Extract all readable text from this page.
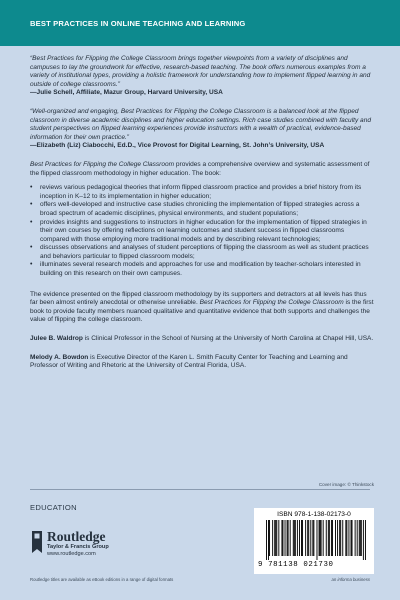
BEST PRACTICES IN ONLINE TEACHING AND LEARNING

“Best Practices for Flipping the College Classroom brings together viewpoints from a variety of disciplines and campuses to lay the groundwork for effective, research-based teaching. The book offers numerous examples from a variety of institutional types, providing a holistic framework for understanding how to implement flipped learning in and outside of college classrooms.”
—Julie Schell, Affiliate, Mazur Group, Harvard University, USA

“Well-organized and engaging, Best Practices for Flipping the College Classroom is a balanced look at the flipped classroom in diverse academic disciplines and higher education settings. Rich case studies combined with faculty and student perspectives on flipped learning experiences provide instructors with a wealth of practical, evidence-based information for their own practice.”
—Elizabeth (Liz) Ciabocchi, Ed.D., Vice Provost for Digital Learning, St. John’s University, USA

Best Practices for Flipping the College Classroom provides a comprehensive overview and systematic assessment of the flipped classroom methodology in higher education. The book:

• reviews various pedagogical theories that inform flipped classroom practice and provides a brief history from its inception in K–12 to its implementation in higher education;
• offers well-developed and instructive case studies chronicling the implementation of flipped strategies across a broad spectrum of academic disciplines, physical environments, and student populations;
• provides insights and suggestions to instructors in higher education for the implementation of flipped strategies in their own courses by offering reflections on learning outcomes and student success in flipped classrooms compared with those employing more traditional models and by describing relevant technologies;
• discusses observations and analyses of student perceptions of flipping the classroom as well as student practices and behaviors particular to flipped classroom models;
• illuminates several research models and approaches for use and modification by teacher-scholars interested in building on this research on their own campuses.

The evidence presented on the flipped classroom methodology by its supporters and detractors at all levels has thus far been almost entirely anecdotal or otherwise unreliable. Best Practices for Flipping the College Classroom is the first book to provide faculty members nuanced qualitative and quantitative evidence that both supports and challenges the value of flipping the college classroom.

Julee B. Waldrop is Clinical Professor in the School of Nursing at the University of North Carolina at Chapel Hill, USA.

Melody A. Bowdon is Executive Director of the Karen L. Smith Faculty Center for Teaching and Learning and Professor of Writing and Rhetoric at the University of Central Florida, USA.

Cover image: © Thinkstock
EDUCATION
Routledge
Taylor & Francis Group
www.routledge.com
Routledge titles are available as eBook editions in a range of digital formats	an informa business
ISBN 978-1-138-02173-0
9 781138 021730
